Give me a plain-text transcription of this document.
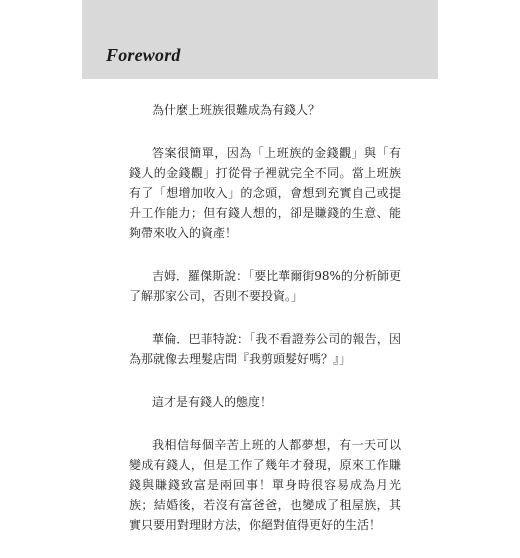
Foreword

為什麼上班族很難成為有錢人？

答案很簡單，因為「上班族的金錢觀」與「有錢人的金錢觀」打從骨子裡就完全不同。當上班族有了「想增加收入」的念頭，會想到充實自己或提升工作能力；但有錢人想的，卻是賺錢的生意、能夠帶來收入的資產！

吉姆．羅傑斯說：「要比華爾街98%的分析師更了解那家公司，否則不要投資。」

華倫．巴菲特說：「我不看證券公司的報告，因為那就像去理髮店問『我剪頭髮好嗎？』」

這才是有錢人的態度！

我相信每個辛苦上班的人都夢想，有一天可以變成有錢人，但是工作了幾年才發現，原來工作賺錢與賺錢致富是兩回事！單身時很容易成為月光族；結婚後，若沒有富爸爸，也變成了租屋族，其實只要用對理財方法，你絕對值得更好的生活！
